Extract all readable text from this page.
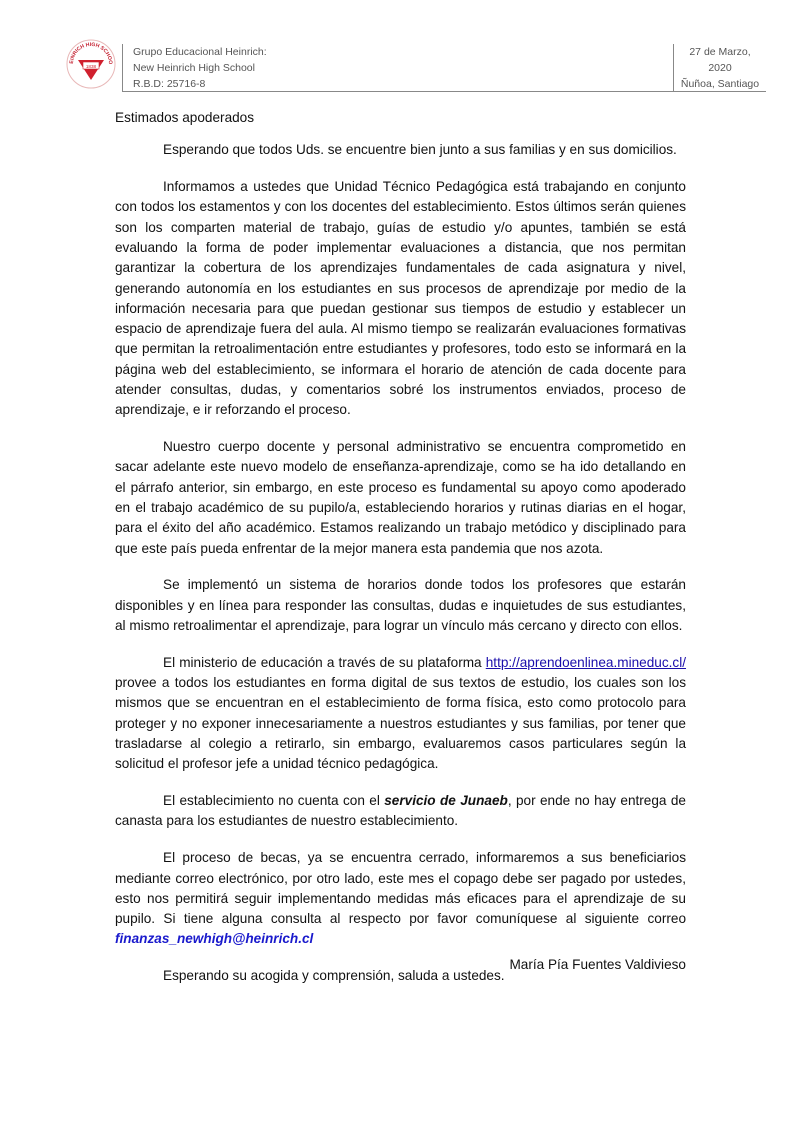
EINRICH HIGH SCHOO
1838
Grupo Educacional Heinrich:
New Heinrich High School
R.B.D: 25716-8
27 de Marzo,
2020
Ñuñoa, Santiago

Estimados apoderados

Esperando que todos Uds. se encuentre bien junto a sus familias y en sus domicilios.

Informamos a ustedes que Unidad Técnico Pedagógica está trabajando en conjunto con todos los estamentos y con los docentes del establecimiento. Estos últimos serán quienes son los comparten material de trabajo, guías de estudio y/o apuntes, también se está evaluando la forma de poder implementar evaluaciones a distancia, que nos permitan garantizar la cobertura de los aprendizajes fundamentales de cada asignatura y nivel, generando autonomía en los estudiantes en sus procesos de aprendizaje por medio de la información necesaria para que puedan gestionar sus tiempos de estudio y establecer un espacio de aprendizaje fuera del aula. Al mismo tiempo se realizarán evaluaciones formativas que permitan la retroalimentación entre estudiantes y profesores, todo esto se informará en la página web del establecimiento, se informara el horario de atención de cada docente para atender consultas, dudas, y comentarios sobré los instrumentos enviados, proceso de aprendizaje, e ir reforzando el proceso.

Nuestro cuerpo docente y personal administrativo se encuentra comprometido en sacar adelante este nuevo modelo de enseñanza-aprendizaje, como se ha ido detallando en el párrafo anterior, sin embargo, en este proceso es fundamental su apoyo como apoderado en el trabajo académico de su pupilo/a, estableciendo horarios y rutinas diarias en el hogar, para el éxito del año académico. Estamos realizando un trabajo metódico y disciplinado para que este país pueda enfrentar de la mejor manera esta pandemia que nos azota.

Se implementó un sistema de horarios donde todos los profesores que estarán disponibles y en línea para responder las consultas, dudas e inquietudes de sus estudiantes, al mismo retroalimentar el aprendizaje, para lograr un vínculo más cercano y directo con ellos.

El ministerio de educación a través de su plataforma http://aprendoenlinea.mineduc.cl/ provee a todos los estudiantes en forma digital de sus textos de estudio, los cuales son los mismos que se encuentran en el establecimiento de forma física, esto como protocolo para proteger y no exponer innecesariamente a nuestros estudiantes y sus familias, por tener que trasladarse al colegio a retirarlo, sin embargo, evaluaremos casos particulares según la solicitud el profesor jefe a unidad técnico pedagógica.

El establecimiento no cuenta con el servicio de Junaeb, por ende no hay entrega de canasta para los estudiantes de nuestro establecimiento.

El proceso de becas, ya se encuentra cerrado, informaremos a sus beneficiarios mediante correo electrónico, por otro lado, este mes el copago debe ser pagado por ustedes, esto nos permitirá seguir implementando medidas más eficaces para el aprendizaje de su pupilo. Si tiene alguna consulta al respecto por favor comuníquese al siguiente correo finanzas_newhigh@heinrich.cl

Esperando su acogida y comprensión, saluda a ustedes.

María Pía Fuentes Valdivieso
